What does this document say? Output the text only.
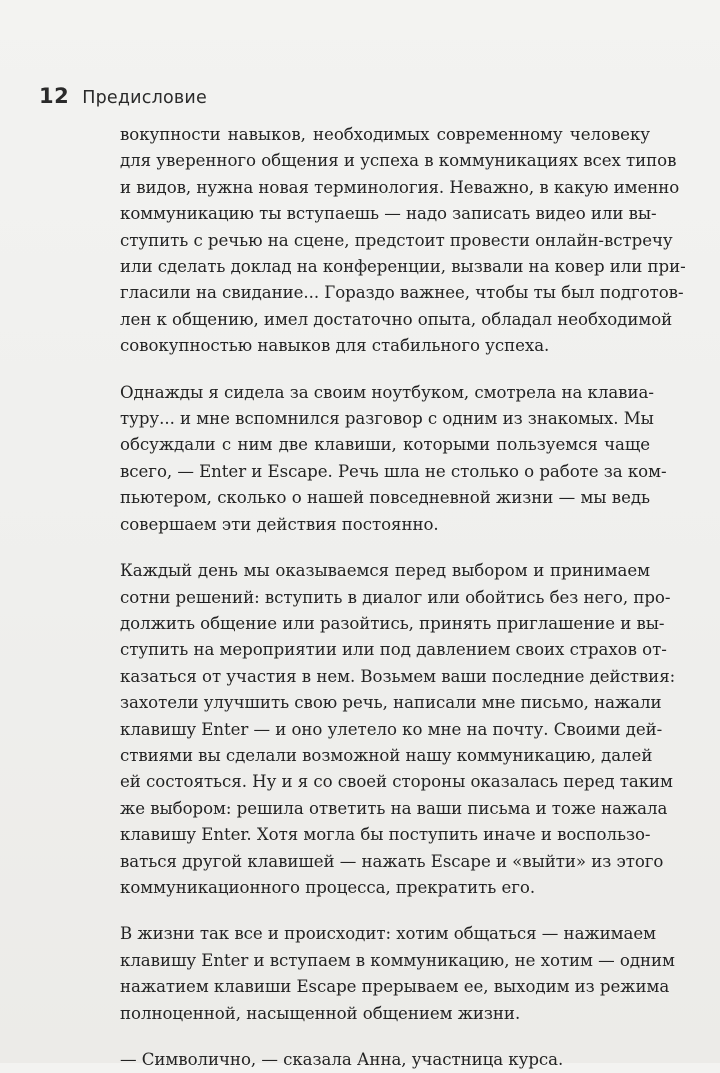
12 Предисловие

вокупности навыков, необходимых современному человеку
для уверенного общения и успеха в коммуникациях всех типов
и видов, нужна новая терминология. Неважно, в какую именно
коммуникацию ты вступаешь — надо записать видео или вы-
ступить с речью на сцене, предстоит провести онлайн-встречу
или сделать доклад на конференции, вызвали на ковер или при-
гласили на свидание... Гораздо важнее, чтобы ты был подготов-
лен к общению, имел достаточно опыта, обладал необходимой
совокупностью навыков для стабильного успеха.

Однажды я сидела за своим ноутбуком, смотрела на клавиа-
туру... и мне вспомнился разговор с одним из знакомых. Мы
обсуждали с ним две клавиши, которыми пользуемся чаще
всего, — Enter и Escape. Речь шла не столько о работе за ком-
пьютером, сколько о нашей повседневной жизни — мы ведь
совершаем эти действия постоянно.

Каждый день мы оказываемся перед выбором и принимаем
сотни решений: вступить в диалог или обойтись без него, про-
должить общение или разойтись, принять приглашение и вы-
ступить на мероприятии или под давлением своих страхов от-
казаться от участия в нем. Возьмем ваши последние действия:
захотели улучшить свою речь, написали мне письмо, нажали
клавишу Enter — и оно улетело ко мне на почту. Своими дей-
ствиями вы сделали возможной нашу коммуникацию, далей
ей состояться. Ну и я со своей стороны оказалась перед таким
же выбором: решила ответить на ваши письма и тоже нажала
клавишу Enter. Хотя могла бы поступить иначе и воспользо-
ваться другой клавишей — нажать Escape и «выйти» из этого
коммуникационного процесса, прекратить его.

В жизни так все и происходит: хотим общаться — нажимаем
клавишу Enter и вступаем в коммуникацию, не хотим — одним
нажатием клавиши Escape прерываем ее, выходим из режима
полноценной, насыщенной общением жизни.

— Символично, — сказала Анна, участница курса.
